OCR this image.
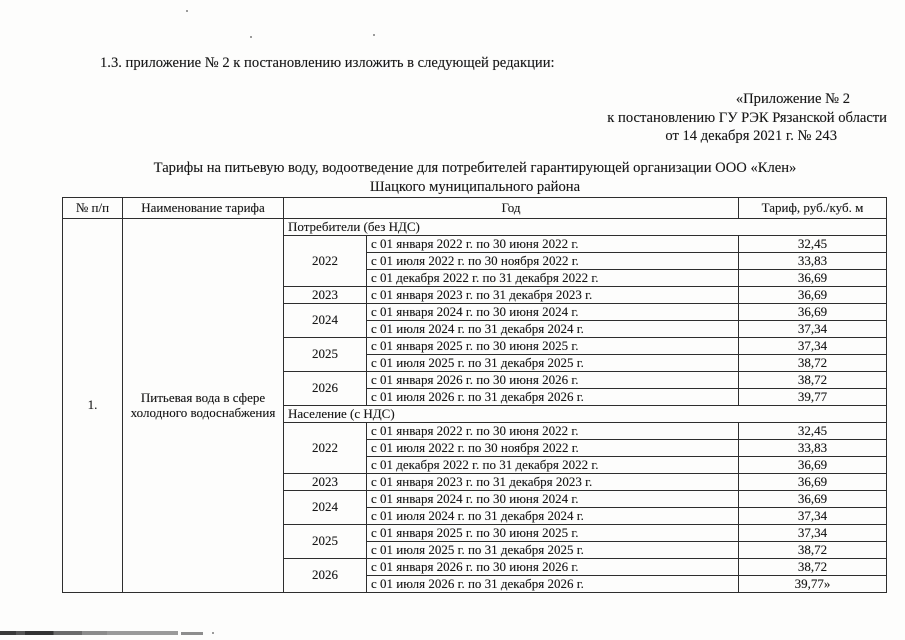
1.3. приложение № 2 к постановлению изложить в следующей редакции:
«Приложение № 2
к постановлению ГУ РЭК Рязанской области
от 14 декабря 2021 г. № 243
Тарифы на питьевую воду, водоотведение для потребителей гарантирующей организации ООО «Клен»
Шацкого муниципального района
№ п/п	Наименование тарифа	Год		Тариф, руб./куб. м
1.	Питьевая вода в сфере холодного водоснабжения	Потребители (без НДС)		
		2022	с 01 января 2022 г. по 30 июня 2022 г.	32,45
			с 01 июля 2022 г. по 30 ноября 2022 г.	33,83
			с 01 декабря 2022 г. по 31 декабря 2022 г.	36,69
		2023	с 01 января 2023 г. по 31 декабря 2023 г.	36,69
		2024	с 01 января 2024 г. по 30 июня 2024 г.	36,69
			с 01 июля 2024 г. по 31 декабря 2024 г.	37,34
		2025	с 01 января 2025 г. по 30 июня 2025 г.	37,34
			с 01 июля 2025 г. по 31 декабря 2025 г.	38,72
		2026	с 01 января 2026 г. по 30 июня 2026 г.	38,72
			с 01 июля 2026 г. по 31 декабря 2026 г.	39,77
		Население (с НДС)		
		2022	с 01 января 2022 г. по 30 июня 2022 г.	32,45
			с 01 июля 2022 г. по 30 ноября 2022 г.	33,83
			с 01 декабря 2022 г. по 31 декабря 2022 г.	36,69
		2023	с 01 января 2023 г. по 31 декабря 2023 г.	36,69
		2024	с 01 января 2024 г. по 30 июня 2024 г.	36,69
			с 01 июля 2024 г. по 31 декабря 2024 г.	37,34
		2025	с 01 января 2025 г. по 30 июня 2025 г.	37,34
			с 01 июля 2025 г. по 31 декабря 2025 г.	38,72
		2026	с 01 января 2026 г. по 30 июня 2026 г.	38,72
			с 01 июля 2026 г. по 31 декабря 2026 г.	39,77»
